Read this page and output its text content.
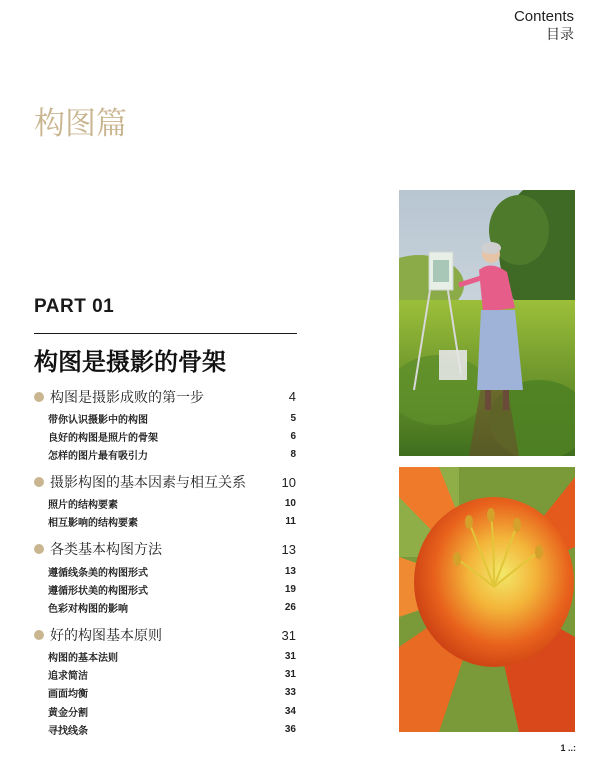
Contents
目录
构图篇
PART 01
构图是摄影的骨架
构图是摄影成败的第一步	4
带你认识摄影中的构图	5
良好的构图是照片的骨架	6
怎样的图片最有吸引力	8
摄影构图的基本因素与相互关系	10
照片的结构要素	10
相互影响的结构要素	11
各类基本构图方法	13
遵循线条美的构图形式	13
遵循形状美的构图形式	19
色彩对构图的影响	26
好的构图基本原则	31
构图的基本法则	31
追求简洁	31
画面均衡	33
黄金分割	34
寻找线条	36
1 ..:
